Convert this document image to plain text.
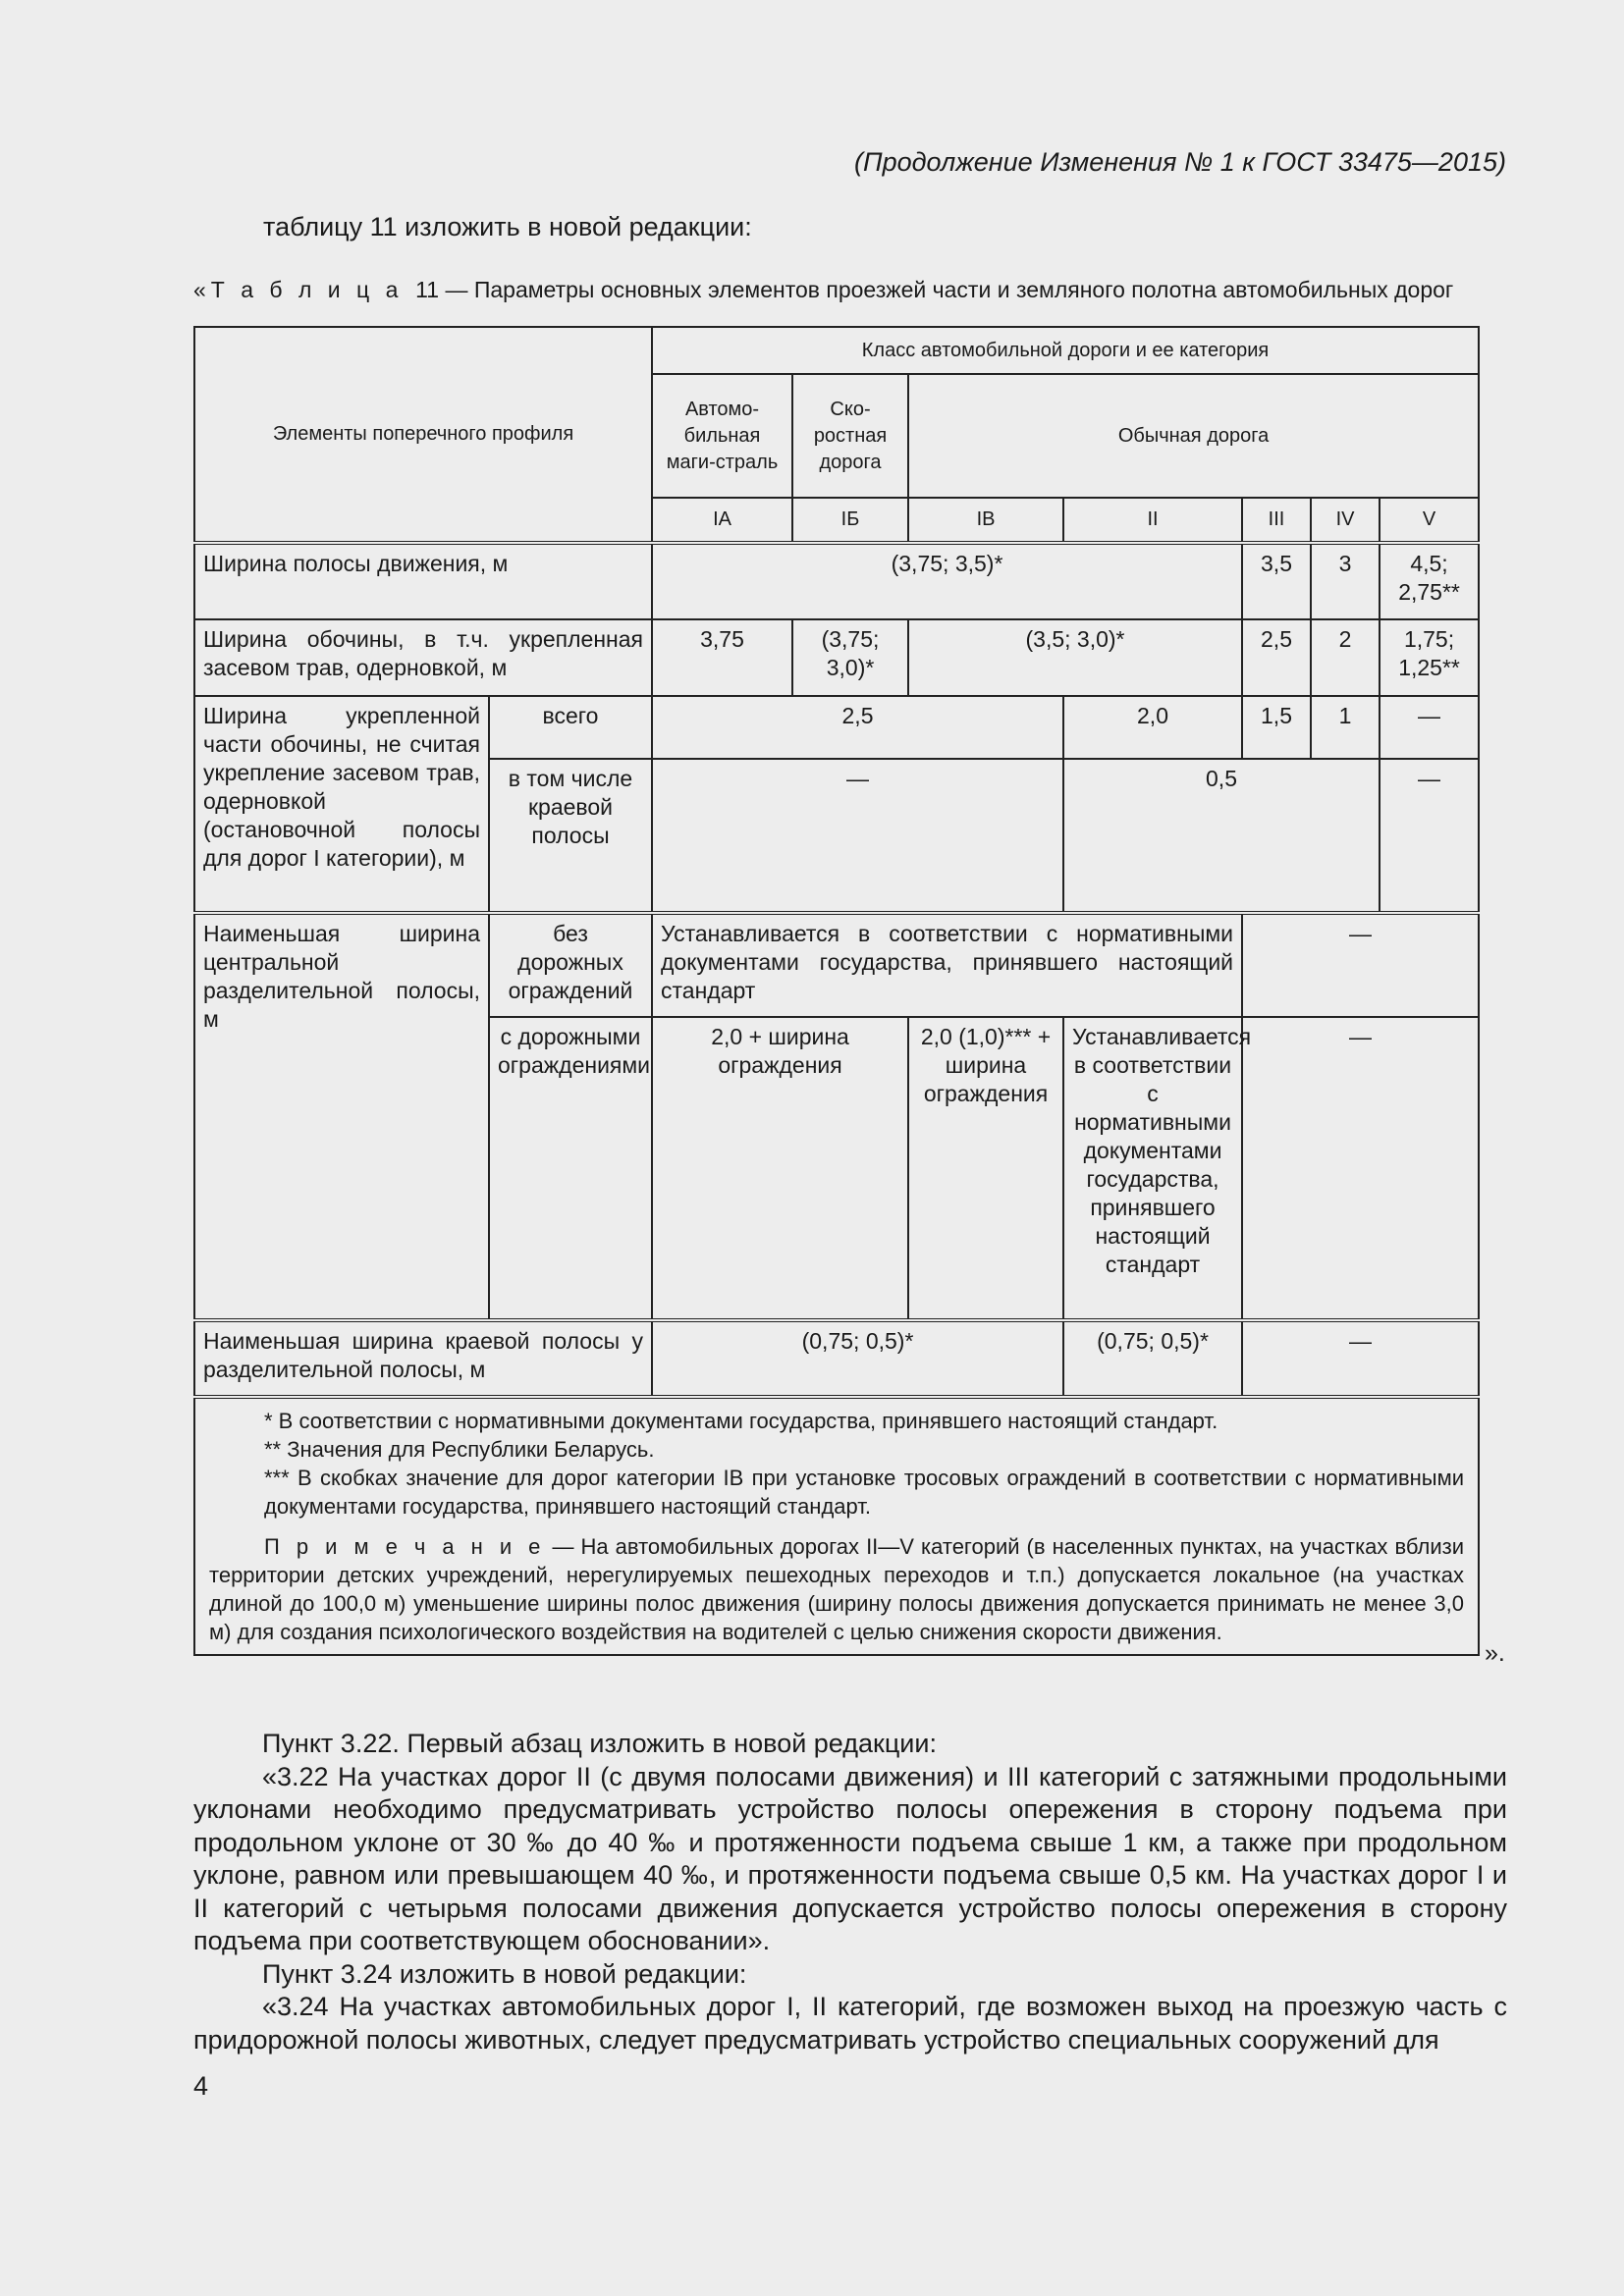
(Продолжение Изменения № 1 к ГОСТ 33475—2015)
таблицу 11 изложить в новой редакции:
«Т а б л и ц а 11 — Параметры основных элементов проезжей части и земляного полотна автомобильных дорог
Элементы поперечного профиля		Класс автомобильной дороги и ее категория						
		Автомо-бильная маги-страль	Ско-ростная дорога	Обычная дорога				
		IА	IБ	IВ	II	III	IV	V
Ширина полосы движения, м		(3,75; 3,5)*				3,5	3	4,5; 2,75**
Ширина обочины, в т.ч. укрепленная засевом трав, одерновкой, м		3,75	(3,75; 3,0)*	(3,5; 3,0)*		2,5	2	1,75; 1,25**
Ширина укрепленной части обочины, не считая укрепление засевом трав, одерновкой (остановочной полосы для дорог I категории), м	всего	2,5			2,0	1,5	1	—
	в том числе краевой полосы	—			0,5			—
Наименьшая ширина центральной разделительной полосы, м	без дорожных ограждений	Устанавливается в соответствии с нормативными документами государства, принявшего настоящий стандарт				—		
	с дорожными ограждениями	2,0 + ширина ограждения		2,0 (1,0)*** + ширина ограждения	Устанавливается в соответствии с нормативными документами государства, принявшего настоящий стандарт	—		
Наименьшая ширина краевой полосы у разделительной полосы, м		(0,75; 0,5)*			(0,75; 0,5)*	—		

* В соответствии с нормативными документами государства, принявшего настоящий стандарт.
** Значения для Республики Беларусь.
*** В скобках значение для дорог категории IВ при установке тросовых ограждений в соответствии с нормативными документами государства, принявшего настоящий стандарт.
П р и м е ч а н и е — На автомобильных дорогах II—V категорий (в населенных пунктах, на участках вблизи территории детских учреждений, нерегулируемых пешеходных переходов и т.п.) допускается локальное (на участках длиной до 100,0 м) уменьшение ширины полос движения (ширину полосы движения допускается принимать не менее 3,0 м) для создания психологического воздействия на водителей с целью снижения скорости движения.								
».

Пункт 3.22. Первый абзац изложить в новой редакции:

«3.22 На участках дорог II (с двумя полосами движения) и III категорий с затяжными продольными уклонами необходимо предусматривать устройство полосы опережения в сторону подъема при продольном уклоне от 30 ‰ до 40 ‰ и протяженности подъема свыше 1 км, а также при продольном уклоне, равном или превышающем 40 ‰, и протяженности подъема свыше 0,5 км. На участках дорог I и II категорий с четырьмя полосами движения допускается устройство полосы опережения в сторону подъема при соответствующем обосновании».

Пункт 3.24 изложить в новой редакции:

«3.24 На участках автомобильных дорог I, II категорий, где возможен выход на проезжую часть с придорожной полосы животных, следует предусматривать устройство специальных сооружений для

4
